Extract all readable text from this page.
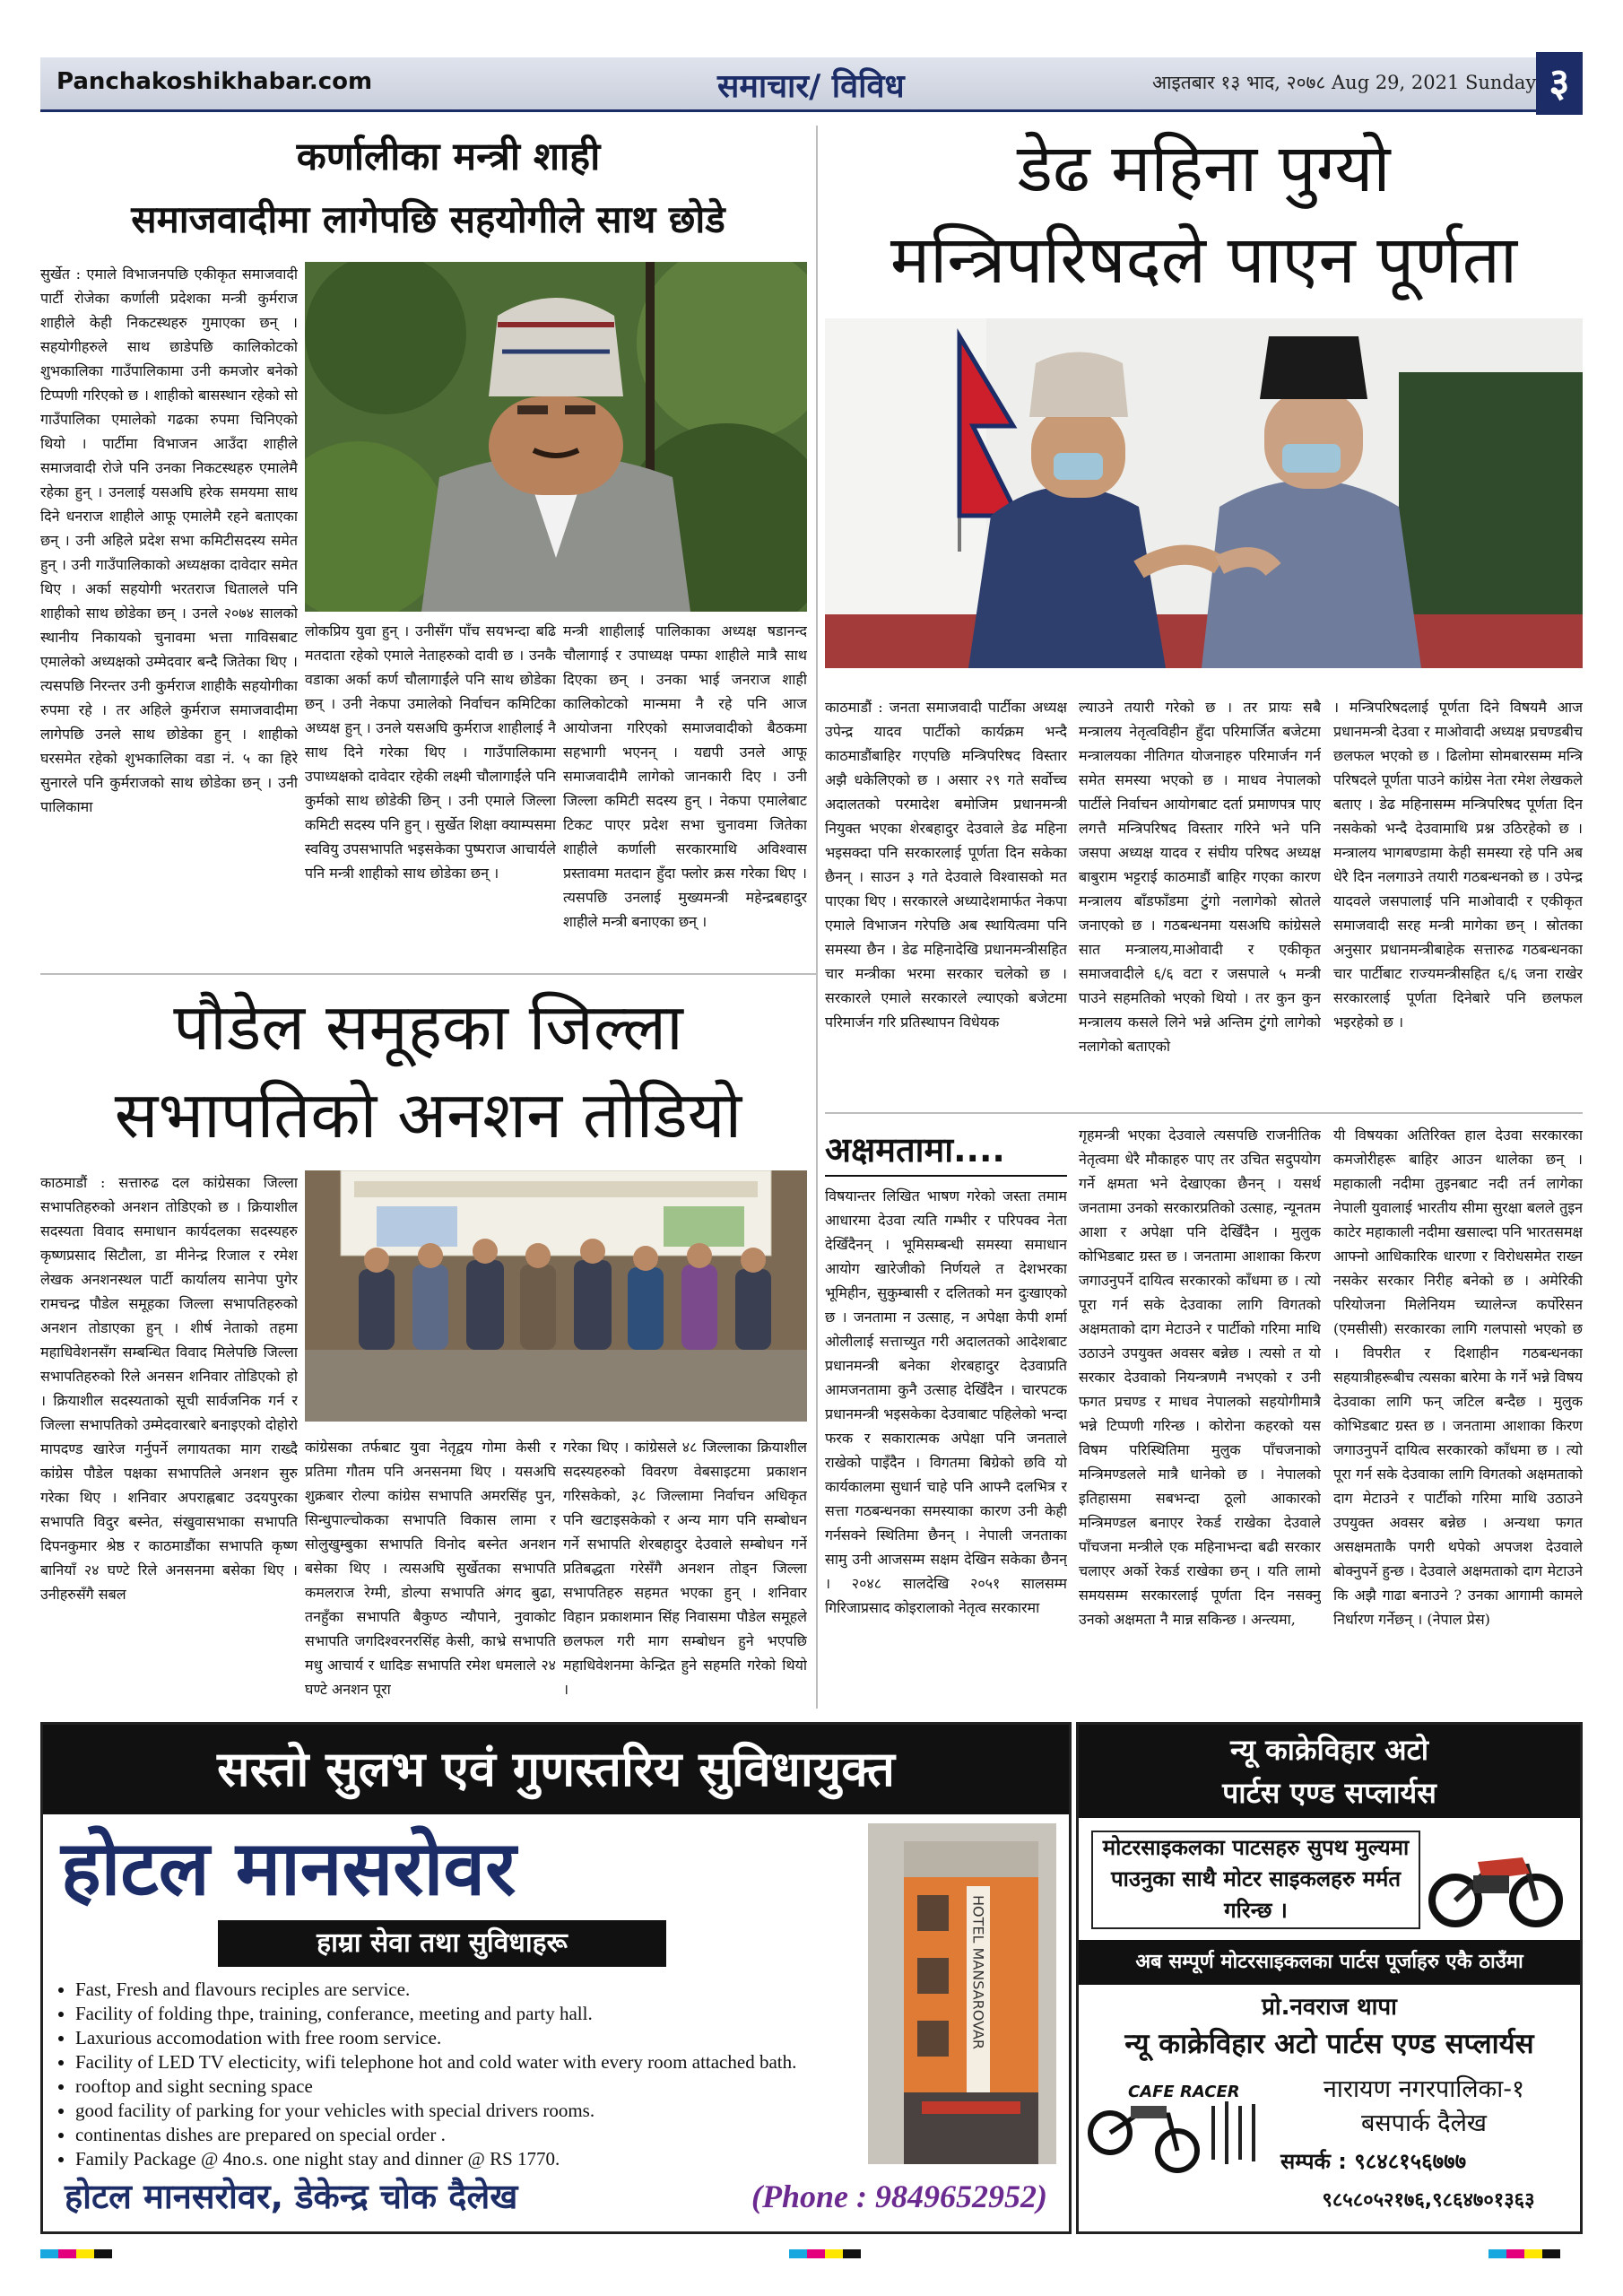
Panchakoshikhabar.com	समाचार/ विविध	आइतबार १३ भाद, २०७८ Aug 29, 2021 Sunday ३
कर्णालीका मन्त्री शाही
समाजवादीमा लागेपछि सहयोगीले साथ छोडे
सुर्खेत : एमाले विभाजनपछि एकीकृत समाजवादी पार्टी रोजेका कर्णाली प्रदेशका मन्त्री कुर्मराज शाहीले केही निकटस्थहरु गुमाएका छन् । सहयोगीहरुले साथ छाडेपछि कालिकोटको शुभकालिका गाउँपालिकामा उनी कमजोर बनेको टिप्पणी गरिएको छ । शाहीको बासस्थान रहेको सो गाउँपालिका एमालेको गढका रुपमा चिनिएको थियो । पार्टीमा विभाजन आउँदा शाहीले समाजवादी रोजे पनि उनका निकटस्थहरु एमालेमै रहेका हुन् । उनलाई यसअघि हरेक समयमा साथ दिने धनराज शाहीले आफू एमालेमै रहने बताएका छन् । उनी अहिले प्रदेश सभा कमिटीसदस्य समेत हुन् । उनी गाउँपालिकाको अध्यक्षका दावेदार समेत थिए । अर्का सहयोगी भरतराज धितालले पनि शाहीको साथ छोडेका छन् । उनले २०७४ सालको स्थानीय निकायको चुनावमा भत्ता गाविसबाट एमालेको अध्यक्षको उम्मेदवार बन्दै जितेका थिए । त्यसपछि निरन्तर उनी कुर्मराज शाहीकै सहयोगीका रुपमा रहे । तर अहिले कुर्मराज समाजवादीमा लागेपछि उनले साथ छोडेका हुन् । शाहीको घरसमेत रहेको शुभकालिका वडा नं. ५ का हिरे सुनारले पनि कुर्मराजको साथ छोडेका छन् । उनी पालिकामा
लोकप्रिय युवा हुन् । उनीसँग पाँच सयभन्दा बढि मतदाता रहेको एमाले नेताहरुको दावी छ । उनकै वडाका अर्का कर्ण चौलागाईंले पनि साथ छोडेका छन् । उनी नेकपा उमालेको निर्वाचन कमिटिका अध्यक्ष हुन् । उनले यसअघि कुर्मराज शाहीलाई नै साथ दिने गरेका थिए । गाउँपालिकामा उपाध्यक्षको दावेदार रहेकी लक्ष्मी चौलागाईंले पनि कुर्मको साथ छोडेकी छिन् । उनी एमाले जिल्ला कमिटी सदस्य पनि हुन् । सुर्खेत शिक्षा क्याम्पसमा स्ववियु उपसभापति भइसकेका पुष्पराज आचार्यले पनि मन्त्री शाहीको साथ छोडेका छन् ।
मन्त्री शाहीलाई पालिकाका अध्यक्ष षडानन्द चौलागाई र उपाध्यक्ष पम्फा शाहीले मात्रै साथ दिएका छन् । उनका भाई जनराज शाही कालिकोटको मान्ममा नै रहे पनि आज आयोजना गरिएको समाजवादीको बैठकमा सहभागी भएनन् । यद्यपी उनले आफू समाजवादीमै लागेको जानकारी दिए । उनी जिल्ला कमिटी सदस्य हुन् । नेकपा एमालेबाट टिकट पाएर प्रदेश सभा चुनावमा जितेका शाहीले कर्णाली सरकारमाथि अविश्वास प्रस्तावमा मतदान हुँदा फ्लोर क्रस गरेका थिए । त्यसपछि उनलाई मुख्यमन्त्री महेन्द्रबहादुर शाहीले मन्त्री बनाएका छन् ।
डेढ महिना पुग्यो
मन्त्रिपरिषदले पाएन पूर्णता
काठमाडौं : जनता समाजवादी पार्टीका अध्यक्ष उपेन्द्र यादव पार्टीको कार्यक्रम भन्दै काठमाडौंबाहिर गएपछि मन्त्रिपरिषद विस्तार अझै धकेलिएको छ । असार २९ गते सर्वोच्च अदालतको परमादेश बमोजिम प्रधानमन्त्री नियुक्त भएका शेरबहादुर देउवाले डेढ महिना भइसक्दा पनि सरकारलाई पूर्णता दिन सकेका छैनन् । साउन ३ गते देउवाले विश्वासको मत पाएका थिए । सरकारले अध्यादेशमार्फत नेकपा एमाले विभाजन गरेपछि अब स्थायित्वमा पनि समस्या छैन । डेढ महिनादेखि प्रधानमन्त्रीसहित चार मन्त्रीका भरमा सरकार चलेको छ । सरकारले एमाले सरकारले ल्याएको बजेटमा परिमार्जन गरि प्रतिस्थापन विधेयक
ल्याउने तयारी गरेको छ । तर प्रायः सबै मन्त्रालय नेतृत्वविहीन हुँदा परिमार्जित बजेटमा मन्त्रालयका नीतिगत योजनाहरु परिमार्जन गर्न समेत समस्या भएको छ । माधव नेपालको पार्टीले निर्वाचन आयोगबाट दर्ता प्रमाणपत्र पाए लगत्तै मन्त्रिपरिषद विस्तार गरिने भने पनि जसपा अध्यक्ष यादव र संघीय परिषद अध्यक्ष बाबुराम भट्टराई काठमाडौं बाहिर गएका कारण मन्त्रालय बाँडफाँडमा टुंगो नलागेको स्रोतले जनाएको छ । गठबन्धनमा यसअघि कांग्रेसले सात मन्त्रालय,माओवादी र एकीकृत समाजवादीले ६/६ वटा र जसपाले ५ मन्त्री पाउने सहमतिको भएको थियो । तर कुन कुन मन्त्रालय कसले लिने भन्ने अन्तिम टुंगो लागेको नलागेको बताएको
। मन्त्रिपरिषदलाई पूर्णता दिने विषयमै आज प्रधानमन्त्री देउवा र माओवादी अध्यक्ष प्रचण्डबीच छलफल भएको छ । ढिलोमा सोमबारसम्म मन्त्रि परिषदले पूर्णता पाउने कांग्रेस नेता रमेश लेखकले बताए । डेढ महिनासम्म मन्त्रिपरिषद पूर्णता दिन नसकेको भन्दै देउवामाथि प्रश्न उठिरहेको छ । मन्त्रालय भागबण्डामा केही समस्या रहे पनि अब धेरै दिन नलगाउने तयारी गठबन्धनको छ । उपेन्द्र यादवले जसपालाई पनि माओवादी र एकीकृत समाजवादी सरह मन्त्री मागेका छन् । स्रोतका अनुसार प्रधानमन्त्रीबाहेक सत्तारुढ गठबन्धनका चार पार्टीबाट राज्यमन्त्रीसहित ६/६ जना राखेर सरकारलाई पूर्णता दिनेबारे पनि छलफल भइरहेको छ ।
पौडेल समूहका जिल्ला
सभापतिको अनशन तोडियो
काठमाडौं : सत्तारुढ दल कांग्रेसका जिल्ला सभापतिहरुको अनशन तोडिएको छ । क्रियाशील सदस्यता विवाद समाधान कार्यदलका सदस्यहरु कृष्णप्रसाद सिटौला, डा मीनेन्द्र रिजाल र रमेश लेखक अनशनस्थल पार्टी कार्यालय सानेपा पुगेर रामचन्द्र पौडेल समूहका जिल्ला सभापतिहरुको अनशन तोडाएका हुन् । शीर्ष नेताको तहमा महाधिवेशनसँग सम्बन्धित विवाद मिलेपछि जिल्ला सभापतिहरुको रिले अनसन शनिवार तोडिएको हो । क्रियाशील सदस्यताको सूची सार्वजनिक गर्न र जिल्ला सभापतिको उम्मेदवारबारे बनाइएको दोहोरो मापदण्ड खारेज गर्नुपर्ने लगायतका माग राख्दै कांग्रेस पौडेल पक्षका सभापतिले अनशन सुरु गरेका थिए । शनिवार अपराह्नबाट उदयपुरका सभापति विदुर बस्नेत, संखुवासभाका सभापति दिपनकुमार श्रेष्ठ र काठमाडौंका सभापति कृष्ण बानियाँ २४ घण्टे रिले अनसनमा बसेका थिए । उनीहरुसँगै सबल
कांग्रेसका तर्फबाट युवा नेतृद्वय गोमा केसी र प्रतिमा गौतम पनि अनसनमा थिए । यसअघि शुक्रबार रोल्पा कांग्रेस सभापति अमरसिंह पुन, सिन्धुपाल्चोकका सभापति विकास लामा र सोलुखुम्बुका सभापति विनोद बस्नेत अनशन बसेका थिए । त्यसअघि सुर्खेतका सभापति कमलराज रेग्मी, डोल्पा सभापति अंगद बुढा, तनहुँका सभापति बैकुण्ठ न्यौपाने, नुवाकोट सभापति जगदिश्वरनरसिंह केसी, काभ्रे सभापति मधु आचार्य र धादिङ सभापति रमेश धमलाले २४ घण्टे अनशन पूरा
गरेका थिए । कांग्रेसले ४८ जिल्लाका क्रियाशील सदस्यहरुको विवरण वेबसाइटमा प्रकाशन गरिसकेको, ३८ जिल्लामा निर्वाचन अधिकृत पनि खटाइसकेको र अन्य माग पनि सम्बोधन गर्ने सभापति शेरबहादुर देउवाले सम्बोधन गर्ने प्रतिबद्धता गरेसँगै अनशन तोड्न जिल्ला सभापतिहरु सहमत भएका हुन् । शनिवार विहान प्रकाशमान सिंह निवासमा पौडेल समूहले छलफल गरी माग सम्बोधन हुने भएपछि महाधिवेशनमा केन्द्रित हुने सहमति गरेको थियो ।
अक्षमतामा....
विषयान्तर लिखित भाषण गरेको जस्ता तमाम आधारमा देउवा त्यति गम्भीर र परिपक्व नेता देखिँदैनन् । भूमिसम्बन्धी समस्या समाधान आयोग खारेजीको निर्णयले त देशभरका भूमिहीन, सुकुम्बासी र दलितको मन दुःखाएको छ । जनतामा न उत्साह, न अपेक्षा केपी शर्मा ओलीलाई सत्ताच्युत गरी अदालतको आदेशबाट प्रधानमन्त्री बनेका शेरबहादुर देउवाप्रति आमजनतामा कुनै उत्साह देखिँदैन । चारपटक प्रधानमन्त्री भइसकेका देउवाबाट पहिलेको भन्दा फरक र सकारात्मक अपेक्षा पनि जनताले राखेको पाइँदैन । विगतमा बिग्रेको छवि यो कार्यकालमा सुधार्न चाहे पनि आफ्नै दलभित्र र सत्ता गठबन्धनका समस्याका कारण उनी केही गर्नसक्ने स्थितिमा छैनन् । नेपाली जनताका सामु उनी आजसम्म सक्षम देखिन सकेका छैनन् । २०४८ सालदेखि २०५१ सालसम्म गिरिजाप्रसाद कोइरालाको नेतृत्व सरकारमा
गृहमन्त्री भएका देउवाले त्यसपछि राजनीतिक नेतृत्वमा धेरै मौकाहरु पाए तर उचित सदुपयोग गर्ने क्षमता भने देखाएका छैनन् । यसर्थ जनतामा उनको सरकारप्रतिको उत्साह, न्यूनतम आशा र अपेक्षा पनि देखिँदैन । मुलुक कोभिडबाट ग्रस्त छ । जनतामा आशाका किरण जगाउनुपर्ने दायित्व सरकारको काँधमा छ । त्यो पूरा गर्न सके देउवाका लागि विगतको अक्षमताको दाग मेटाउने र पार्टीको गरिमा माथि उठाउने उपयुक्त अवसर बन्नेछ । त्यसो त यो सरकार देउवाको नियन्त्रणमै नभएको र उनी फगत प्रचण्ड र माधव नेपालको सहयोगीमात्रै भन्ने टिप्पणी गरिन्छ । कोरोना कहरको यस विषम परिस्थितिमा मुलुक पाँचजनाको मन्त्रिमण्डलले मात्रै धानेको छ । नेपालको इतिहासमा सबभन्दा ठूलो आकारको मन्त्रिमण्डल बनाएर रेकर्ड राखेका देउवाले पाँचजना मन्त्रीले एक महिनाभन्दा बढी सरकार चलाएर अर्को रेकर्ड राखेका छन् । यति लामो समयसम्म सरकारलाई पूर्णता दिन नसक्नु उनको अक्षमता नै मान्न सकिन्छ । अन्त्यमा,
यी विषयका अतिरिक्त हाल देउवा सरकारका कमजोरीहरू बाहिर आउन थालेका छन् । महाकाली नदीमा तुइनबाट नदी तर्न लागेका नेपाली युवालाई भारतीय सीमा सुरक्षा बलले तुइन काटेर महाकाली नदीमा खसाल्दा पनि भारतसमक्ष आफ्नो आधिकारिक धारणा र विरोधसमेत राख्न नसकेर सरकार निरीह बनेको छ । अमेरिकी परियोजना मिलेनियम च्यालेन्ज कर्पोरेसन (एमसीसी) सरकारका लागि गलपासो भएको छ । विपरीत र दिशाहीन गठबन्धनका सहयात्रीहरूबीच त्यसका बारेमा के गर्ने भन्ने विषय देउवाका लागि फन् जटिल बन्दैछ । मुलुक कोभिडबाट ग्रस्त छ । जनतामा आशाका किरण जगाउनुपर्ने दायित्व सरकारको काँधमा छ । त्यो पूरा गर्न सके देउवाका लागि विगतको अक्षमताको दाग मेटाउने र पार्टीको गरिमा माथि उठाउने उपयुक्त अवसर बन्नेछ । अन्यथा फगत असक्षमताकै पगरी थपेको अपजश देउवाले बोक्नुपर्ने हुन्छ । देउवाले अक्षमताको दाग मेटाउने कि अझै गाढा बनाउने ? उनका आगामी कामले निर्धारण गर्नेछन् । (नेपाल प्रेस)
सस्तो सुलभ एवं गुणस्तरिय सुविधायुक्त
होटल मानसरोवर
हाम्रा सेवा तथा सुविधाहरू
• Fast, Fresh and flavours reciples are service.
• Facility of folding thpe, training, conferance, meeting and party hall.
• Laxurious accomodation with free room service.
• Facility of LED TV electicity, wifi telephone hot and cold water with every room attached bath.
• rooftop and sight secning space
• good facility of parking for your vehicles with special drivers rooms.
• continentas dishes are prepared on special order .
• Family Package @ 4no.s. one night stay and dinner @ RS 1770.
HOTEL MANSAROVAR
होटल मानसरोवर, डेकेन्द्र चोक दैलेख	(Phone : 9849652952)
न्यू काक्रेविहार अटो
पार्टस एण्ड सप्लार्यस
मोटरसाइकलका पाटसहरु सुपथ मुल्यमा पाउनुका साथै मोटर साइकलहरु मर्मत गरिन्छ ।
अब सम्पूर्ण मोटरसाइकलका पार्टस पूर्जाहरु एकै ठाउँमा
प्रो.नवराज थापा
न्यू काक्रेविहार अटो पार्टस एण्ड सप्लार्यस
CAFE RACER	नारायण नगरपालिका-१
बसपार्क दैलेख
सम्पर्क : ९८४८१५६७७७
९८५८०५२१७६,९८६४७०१३६३
